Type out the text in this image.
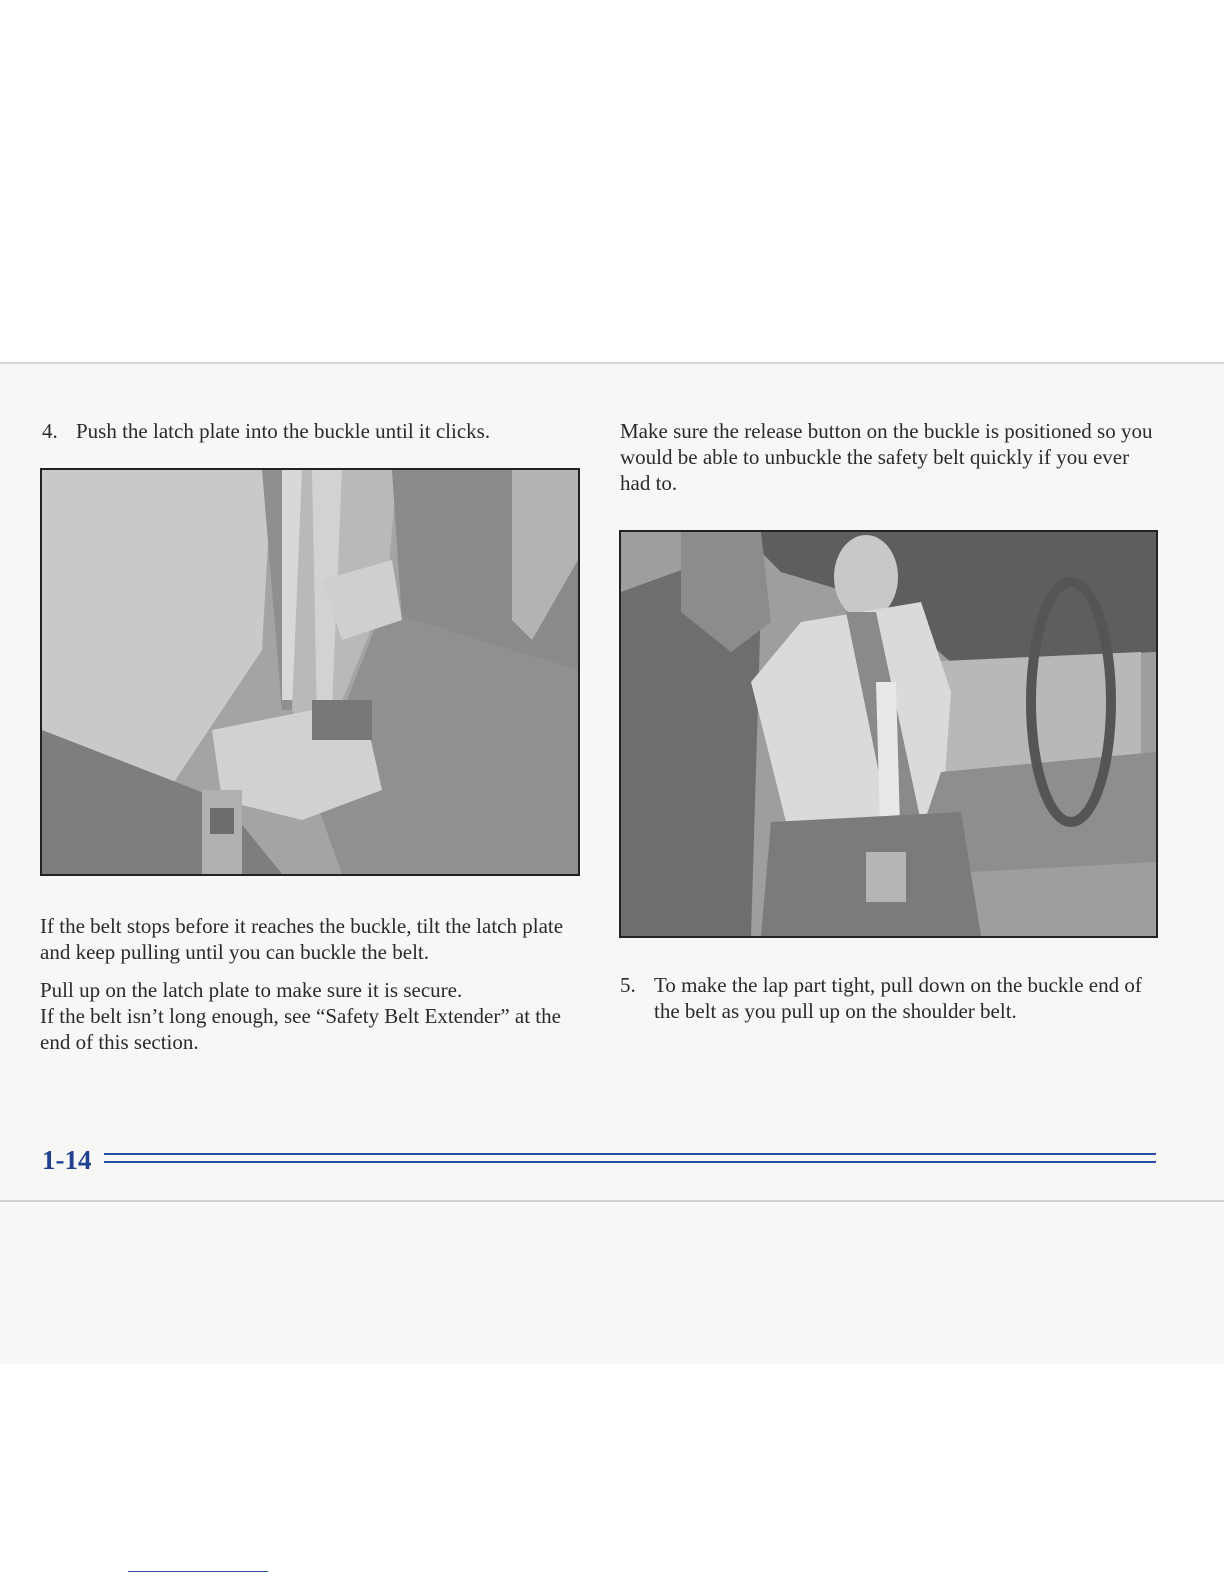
4. Push the latch plate into the buckle until it clicks.
If the belt stops before it reaches the buckle, tilt the latch plate and keep pulling until you can buckle the belt.
Pull up on the latch plate to make sure it is secure.
If the belt isn’t long enough, see “Safety Belt Extender” at the end of this section.
Make sure the release button on the buckle is positioned so you would be able to unbuckle the safety belt quickly if you ever had to.
5. To make the lap part tight, pull down on the buckle end of the belt as you pull up on the shoulder belt.
1-14
